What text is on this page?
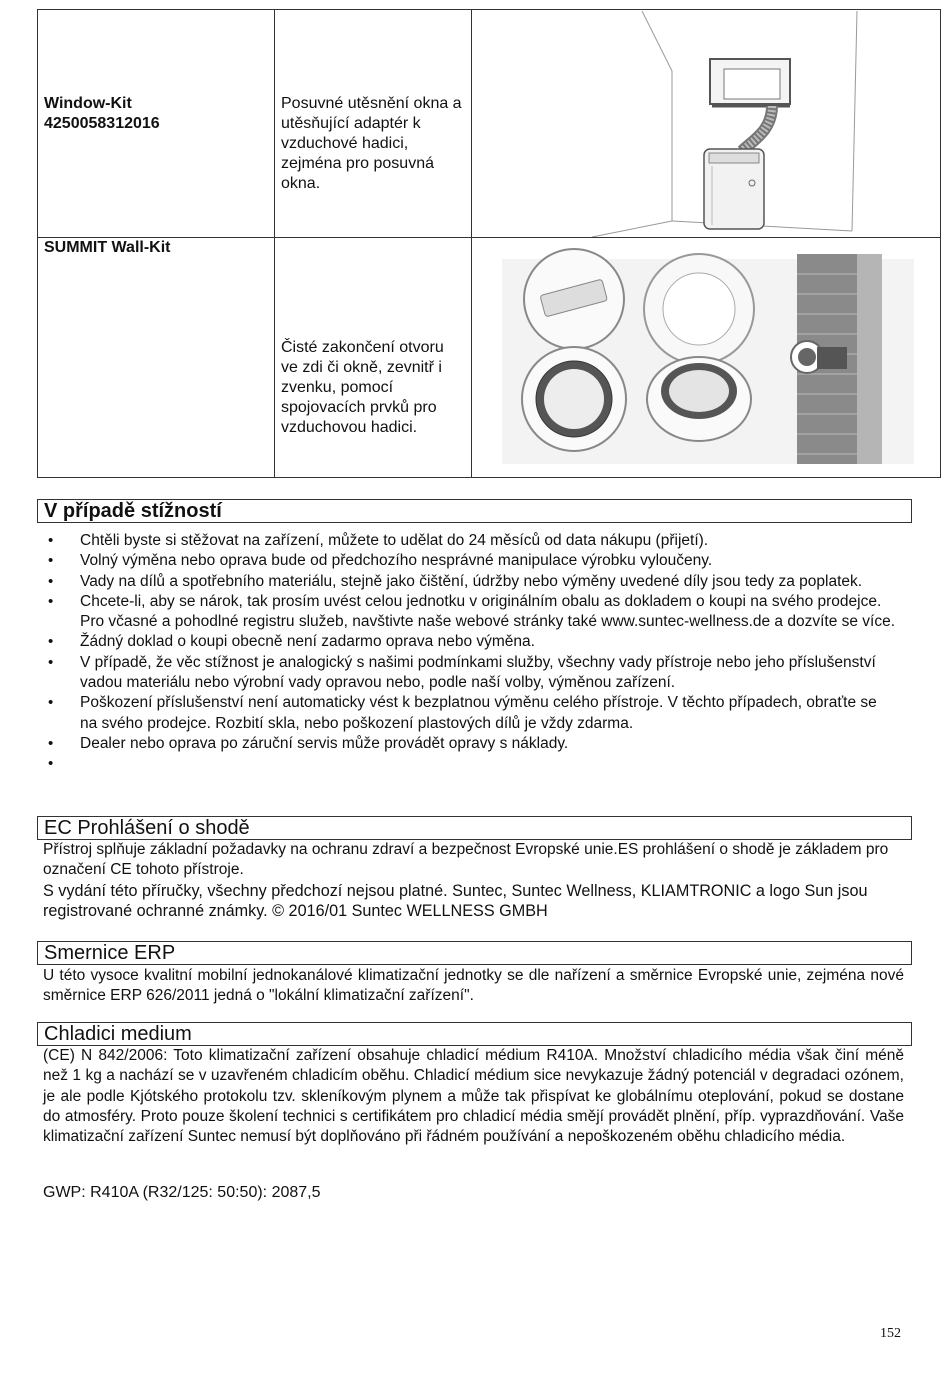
Window-Kit
4250058312016	Posuvné utěsnění okna a utěsňující adaptér k vzduchové hadici, zejména pro posuvná okna.

SUMMIT Wall-Kit	Čisté zakončení otvoru ve zdi či okně, zevnitř i zvenku, pomocí spojovacích prvků pro vzduchovou hadici.

V případě stížností
• Chtěli byste si stěžovat na zařízení, můžete to udělat do 24 měsíců od data nákupu (přijetí).
• Volný výměna nebo oprava bude od předchozího nesprávné manipulace výrobku vyloučeny.
• Vady na dílů a spotřebního materiálu, stejně jako čištění, údržby nebo výměny uvedené díly jsou tedy za poplatek.
• Chcete-li, aby se nárok, tak prosím uvést celou jednotku v originálním obalu as dokladem o koupi na svého prodejce. Pro včasné a pohodlné registru služeb, navštivte naše webové stránky také www.suntec-wellness.de a dozvíte se více.
• Žádný doklad o koupi obecně není zadarmo oprava nebo výměna.
• V případě, že věc stížnost je analogický s našimi podmínkami služby, všechny vady přístroje nebo jeho příslušenství vadou materiálu nebo výrobní vady opravou nebo, podle naší volby, výměnou zařízení.
• Poškození příslušenství není automaticky vést k bezplatnou výměnu celého přístroje. V těchto případech, obraťte se na svého prodejce. Rozbití skla, nebo poškození plastových dílů je vždy zdarma.
• Dealer nebo oprava po záruční servis může provádět opravy s náklady.
•
EC Prohlášení o shodě

Přístroj splňuje základní požadavky na ochranu zdraví a bezpečnost Evropské unie.ES prohlášení o shodě je základem pro označení CE tohoto přístroje.

S vydání této příručky, všechny předchozí nejsou platné. Suntec, Suntec Wellness, KLIAMTRONIC a logo Sun jsou registrované ochranné známky. © 2016/01 Suntec WELLNESS GMBH

Smernice ERP

U této vysoce kvalitní mobilní jednokanálové klimatizační jednotky se dle nařízení a směrnice Evropské unie, zejména nové směrnice ERP 626/2011 jedná o "lokální klimatizační zařízení".

Chladici medium

(CE) N 842/2006: Toto klimatizační zařízení obsahuje chladicí médium R410A. Množství chladicího média však činí méně než 1 kg a nachází se v uzavřeném chladicím oběhu. Chladicí médium sice nevykazuje žádný potenciál v degradaci ozónem, je ale podle Kjótského protokolu tzv. skleníkovým plynem a může tak přispívat ke globálnímu oteplování, pokud se dostane do atmosféry. Proto pouze školení technici s certifikátem pro chladicí média smějí provádět plnění, příp. vyprazdňování. Vaše klimatizační zařízení Suntec nemusí být doplňováno při řádném používání a nepoškozeném oběhu chladicího média.

GWP: R410A (R32/125: 50:50): 2087,5

152
